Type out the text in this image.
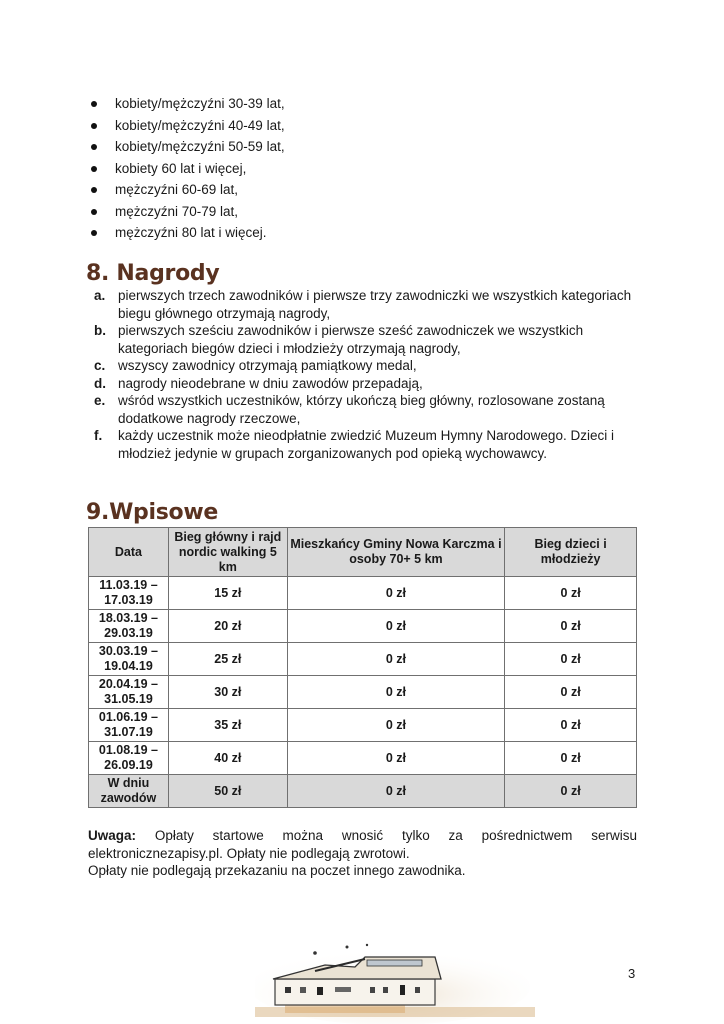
kobiety/mężczyźni 30-39 lat,
kobiety/mężczyźni 40-49 lat,
kobiety/mężczyźni 50-59 lat,
kobiety 60 lat i więcej,
mężczyźni 60-69 lat,
mężczyźni 70-79 lat,
mężczyźni 80 lat i więcej.
8. Nagrody
a. pierwszych trzech zawodników i pierwsze trzy zawodniczki we wszystkich kategoriach biegu głównego otrzymają nagrody,
b. pierwszych sześciu zawodników i pierwsze sześć zawodniczek we wszystkich kategoriach biegów dzieci i młodzieży otrzymają nagrody,
c. wszyscy zawodnicy otrzymają pamiątkowy medal,
d. nagrody nieodebrane w dniu zawodów przepadają,
e. wśród wszystkich uczestników, którzy ukończą bieg główny, rozlosowane zostaną dodatkowe nagrody rzeczowe,
f. każdy uczestnik może nieodpłatnie zwiedzić Muzeum Hymny Narodowego. Dzieci i młodzież jedynie w grupach zorganizowanych pod opieką wychowawcy.
9.Wpisowe
Data	Bieg główny i rajd nordic walking 5 km	Mieszkańcy Gminy Nowa Karczma i osoby 70+ 5 km	Bieg dzieci i młodzieży
11.03.19 – 17.03.19	15 zł	0 zł	0 zł
18.03.19 – 29.03.19	20 zł	0 zł	0 zł
30.03.19 – 19.04.19	25 zł	0 zł	0 zł
20.04.19 – 31.05.19	30 zł	0 zł	0 zł
01.06.19 – 31.07.19	35 zł	0 zł	0 zł
01.08.19 – 26.09.19	40 zł	0 zł	0 zł
W dniu zawodów	50 zł	0 zł	0 zł
Uwaga: Opłaty startowe można wnosić tylko za pośrednictwem serwisu
elektronicznezapisy.pl. Opłaty nie podlegają zwrotowi.
Opłaty nie podlegają przekazaniu na poczet innego zawodnika.
3
